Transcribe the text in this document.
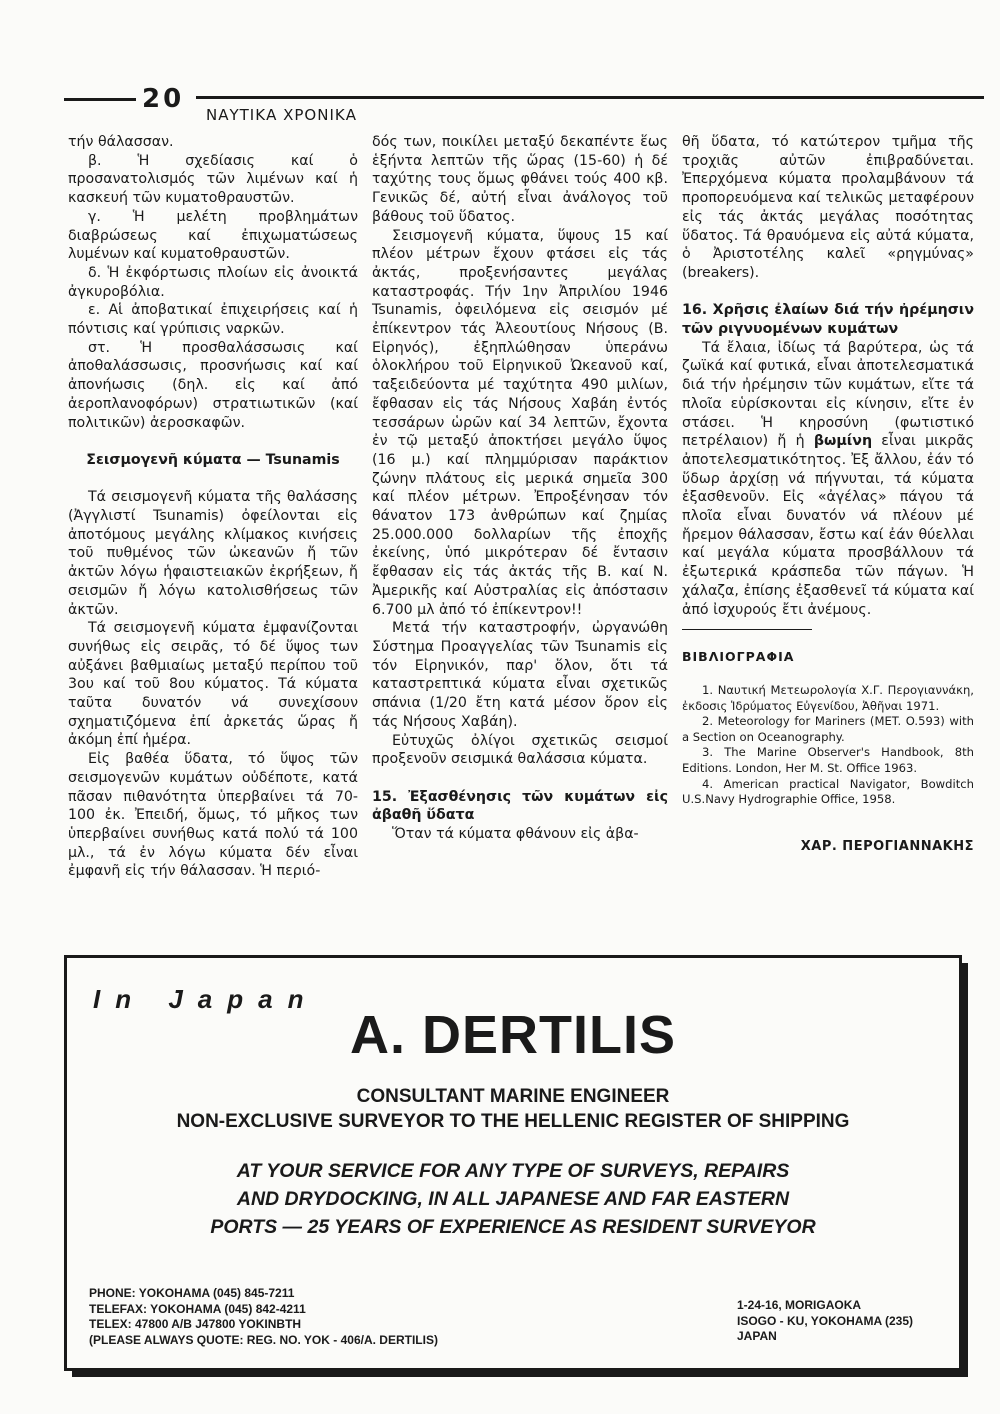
20
ΝΑΥΤΙΚΑ ΧΡΟΝΙΚΑ

τήν θάλασσαν.

β. Ἡ σχεδίασις καί ὁ προσανατολισμός τῶν λιμένων καί ἡ κασκευή τῶν κυματοθραυστῶν.

γ. Ἡ μελέτη προβλημάτων διαβρώσεως καί ἐπιχωματώσεως λυμένων καί κυματοθραυστῶν.

δ. Ἡ ἐκφόρτωσις πλοίων εἰς ἀνοικτά ἀγκυροβόλια.

ε. Αἱ ἀποβατικαί ἐπιχειρήσεις καί ἡ πόντισις καί γρύπισις ναρκῶν.

στ. Ἡ προσθαλάσσωσις καί ἀποθαλάσσωσις, προσνήωσις καί καί ἀπονήωσις (δηλ. εἰς καί ἀπό ἀερoπλανοφόρων) στρατιωτικῶν (καί πολιτικῶν) ἀεροσκαφῶν.

Σεισμογενῆ κύματα — Tsunamis

Τά σεισμογενῆ κύματα τῆς θαλάσσης (Ἀγγλιστί Tsunamis) ὀφείλονται εἰς ἀποτόμους μεγάλης κλίμακος κινήσεις τοῦ πυθμένος τῶν ὠκεανῶν ἤ τῶν ἀκτῶν λόγω ἡφαιστειακῶν ἐκρήξεων, ἤ σεισμῶν ἤ λόγω κατολισθήσεως τῶν ἀκτῶν.

Τά σεισμογενῆ κύματα ἐμφανίζονται συνήθως εἰς σειρᾶς, τό δέ ὕψος των αὐξάνει βαθμιαίως μεταξύ περίπου τοῦ 3ου καί τοῦ 8ου κύματος. Τά κύματα ταῦτα δυνατόν νά συνεχίσουν σχηματιζόμενα ἐπί ἀρκετάς ὥρας ἤ ἀκόμη ἐπί ἡμέρα.

Εἰς βαθέα ὕδατα, τό ὕψος τῶν σεισμογενῶν κυμάτων οὐδέποτε, κατά πᾶσαν πιθανότητα ὑπερβαίνει τά 70-100 ἐκ. Ἐπειδή, ὅμως, τό μῆκος των ὑπερβαίνει συνήθως κατά πολύ τά 100 μλ., τά ἐν λόγω κύματα δέν εἶναι ἐμφανῆ εἰς τήν θάλασσαν. Ἡ περιό-

δός των, ποικίλει μεταξύ δεκαπέντε ἕως ἑξήντα λεπτῶν τῆς ὥρας (15-60) ἡ δέ ταχύτης τους ὅμως φθάνει τούς 400 κβ. Γενικῶς δέ, αὐτή εἶναι ἀνάλογος τοῦ βάθους τοῦ ὕδατος.

Σεισμογενῆ κύματα, ὕψους 15 καί πλέον μέτρων ἔχουν φτάσει εἰς τάς ἀκτάς, προξενήσαντες μεγάλας καταστροφάς. Τήν 1ην Ἀπριλίου 1946 Tsunamis, ὀφειλόμενα εἰς σεισμόν μέ ἐπίκεντρον τάς Ἀλεουτίους Νήσους (Β. Εἰρηνός), ἐξηπλώθησαν ὑπεράνω ὁλοκλήρου τοῦ Εἰρηνικοῦ Ὠκεανοῦ καί, ταξειδεύοντα μέ ταχύτητα 490 μιλίων, ἔφθασαν εἰς τάς Νήσους Χαβάη ἐντός τεσσάρων ὡρῶν καί 34 λεπτῶν, ἔχοντα ἐν τῷ μεταξύ ἀποκτήσει μεγάλο ὕψος (16 μ.) καί πλημμύρισαν παράκτιον ζώνην πλάτους εἰς μερικά σημεῖα 300 καί πλέον μέτρων. Ἐπροξένησαν τόν θάνατον 173 ἀνθρώπων καί ζημίας 25.000.000 δολλαρίων τῆς ἐποχῆς ἐκείνης, ὑπό μικρότεραν δέ ἔντασιν ἔφθασαν εἰς τάς ἀκτάς τῆς Β. καί Ν. Ἀμερικῆς καί Αὐστραλίας εἰς ἀπόστασιν 6.700 μλ ἀπό τό ἐπίκεντρον!!

Μετά τήν καταστροφήν, ὠργανώθη Σύστημα Προαγγελίας τῶν Tsunamis εἰς τόν Εἰρηνικόν, παρ' ὅλον, ὅτι τά καταστρεπτικά κύματα εἶναι σχετικῶς σπάνια (1/20 ἔτη κατά μέσον ὅρον εἰς τάς Νήσους Χαβάη).

Εὐτυχῶς ὀλίγοι σχετικῶς σεισμοί προξενοῦν σεισμικά θαλάσσια κύματα.

15. Ἐξασθένησις τῶν κυμάτων εἰς ἀβαθῆ ὕδατα

Ὅταν τά κύματα φθάνουν εἰς ἀβα-

θῆ ὕδατα, τό κατώτερον τμῆμα τῆς τροχιᾶς αὐτῶν ἐπιβραδύνεται. Ἐπερχόμενα κύματα προλαμβάνουν τά προπορευόμενα καί τελικῶς μεταφέρουν εἰς τάς ἀκτάς μεγάλας ποσότητας ὕδατος. Τά θραυόμενα εἰς αὐτά κύματα, ὁ Ἀριστοτέλης καλεῖ «ρηγμύνας» (breakers).

16. Χρῆσις ἐλαίων διά τήν ἠρέμησιν τῶν ριγνυομένων κυμάτων

Τά ἔλαια, ἰδίως τά βαρύτερα, ὡς τά ζωϊκά καί φυτικά, εἶναι ἀποτελεσματικά διά τήν ἠρέμησιν τῶν κυμάτων, εἴτε τά πλοῖα εὑρίσκονται εἰς κίνησιν, εἴτε ἐν στάσει. Ἡ κηροσύνη (φωτιστικό πετρέλαιον) ἤ ἡ βωμίνη εἶναι μικρᾶς ἀποτελεσματικότητος. Ἐξ ἄλλου, ἐάν τό ὕδωρ ἀρχίσῃ νά πήγνυται, τά κύματα ἐξασθενοῦν. Εἰς «ἀγέλας» πάγου τά πλοῖα εἶναι δυνατόν νά πλέουν μέ ἤρεμον θάλασσαν, ἔστω καί ἐάν θύελλαι καί μεγάλα κύματα προσβάλλουν τά ἐξωτερικά κράσπεδα τῶν πάγων. Ἡ χάλαζα, ἐπίσης ἐξασθενεῖ τά κύματα καί ἀπό ἰσχυρούς ἔτι ἀνέμους.

ΒΙΒΛΙΟΓΡΑΦΙΑ

1. Ναυτική Μετεωρολογία Χ.Γ. Περογιαννάκη, ἐκδοσις Ἱδρύματος Εὐγενίδου, Ἀθῆναι 1971.

2. Meteorology for Mariners (MET. O.593) with a Section on Oceanography.

3. The Marine Observer's Handbook, 8th Editions. London, Her M. St. Office 1963.

4. American practical Navigator, Bowditch U.S.Navy Hydrographie Office, 1958.

ΧΑΡ. ΠΕΡΟΓΙΑΝΝΑΚΗΣ
In Japan
A. DERTILIS
CONSULTANT MARINE ENGINEER
NON-EXCLUSIVE SURVEYOR TO THE HELLENIC REGISTER OF SHIPPING
AT YOUR SERVICE FOR ANY TYPE OF SURVEYS, REPAIRS
AND DRYDOCKING, IN ALL JAPANESE AND FAR EASTERN
PORTS — 25 YEARS OF EXPERIENCE AS RESIDENT SURVEYOR
PHONE: YOKOHAMA (045) 845-7211
TELEFAX: YOKOHAMA (045) 842-4211
TELEX: 47800 A/B J47800 YOKINBTH
(PLEASE ALWAYS QUOTE: REG. NO. YOK - 406/A. DERTILIS)
1-24-16, MORIGAOKA
ISOGO - KU, YOKOHAMA (235)
JAPAN
